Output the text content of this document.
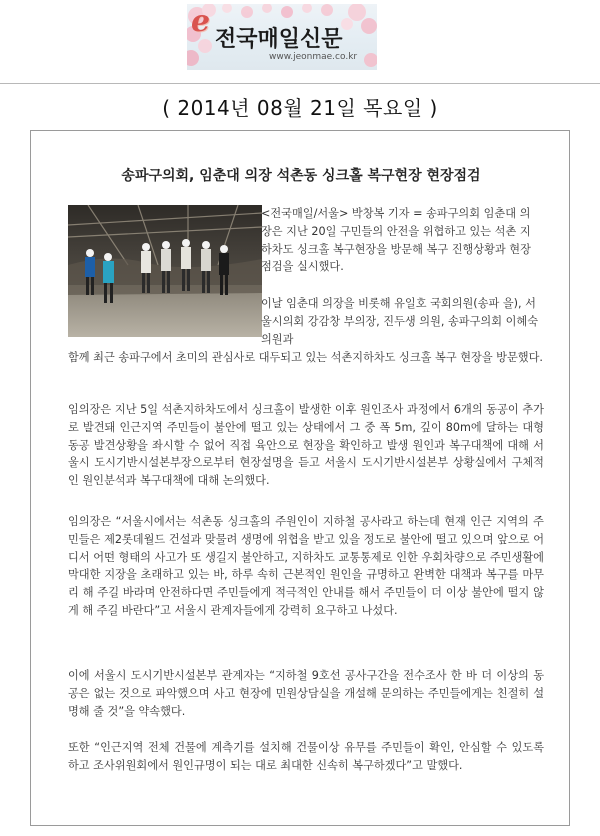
e
전국매일신문
www.jeonmae.co.kr
( 2014년 08월 21일 목요일 )
송파구의회, 임춘대 의장 석촌동 싱크홀 복구현장 현장점검

<전국매일/서울> 박창복 기자 = 송파구의회 임춘대 의장은 지난 20일 구민들의 안전을 위협하고 있는 석촌 지하차도 싱크홀 복구현장을 방문해 복구 진행상황과 현장점검을 실시했다.

이날 임춘대 의장을 비롯해 유일호 국회의원(송파 을), 서울시의회 강감창 부의장, 진두생 의원, 송파구의회 이혜숙 의원과

함께 최근 송파구에서 초미의 관심사로 대두되고 있는 석촌지하차도 싱크홀 복구 현장을 방문했다.

임의장은 지난 5일 석촌지하차도에서 싱크홀이 발생한 이후 원인조사 과정에서 6개의 동공이 추가로 발견돼 인근지역 주민들이 불안에 떨고 있는 상태에서 그 중 폭 5m, 깊이 80m에 달하는 대형 동공 발견상황을 좌시할 수 없어 직접 육안으로 현장을 확인하고 발생 원인과 복구대책에 대해 서울시 도시기반시설본부장으로부터 현장설명을 듣고 서울시 도시기반시설본부 상황실에서 구체적인 원인분석과 복구대책에 대해 논의했다.

임의장은 “서울시에서는 석촌동 싱크홀의 주원인이 지하철 공사라고 하는데 현재 인근 지역의 주민들은 제2롯데월드 건설과 맞물려 생명에 위협을 받고 있을 정도로 불안에 떨고 있으며 앞으로 어디서 어떤 형태의 사고가 또 생길지 불안하고, 지하차도 교통통제로 인한 우회차량으로 주민생활에 막대한 지장을 초래하고 있는 바, 하루 속히 근본적인 원인을 규명하고 완벽한 대책과 복구를 마무리 해 주길 바라며 안전하다면 주민들에게 적극적인 안내를 해서 주민들이 더 이상 불안에 떨지 않게 해 주길 바란다”고 서울시 관계자들에게 강력히 요구하고 나섰다.

이에 서울시 도시기반시설본부 관계자는 “지하철 9호선 공사구간을 전수조사 한 바 더 이상의 동공은 없는 것으로 파악했으며 사고 현장에 민원상담실을 개설해 문의하는 주민들에게는 친절히 설명해 줄 것”을 약속했다.

또한 “인근지역 전체 건물에 계측기를 설치해 건물이상 유무를 주민들이 확인, 안심할 수 있도록 하고 조사위원회에서 원인규명이 되는 대로 최대한 신속히 복구하겠다”고 말했다.
